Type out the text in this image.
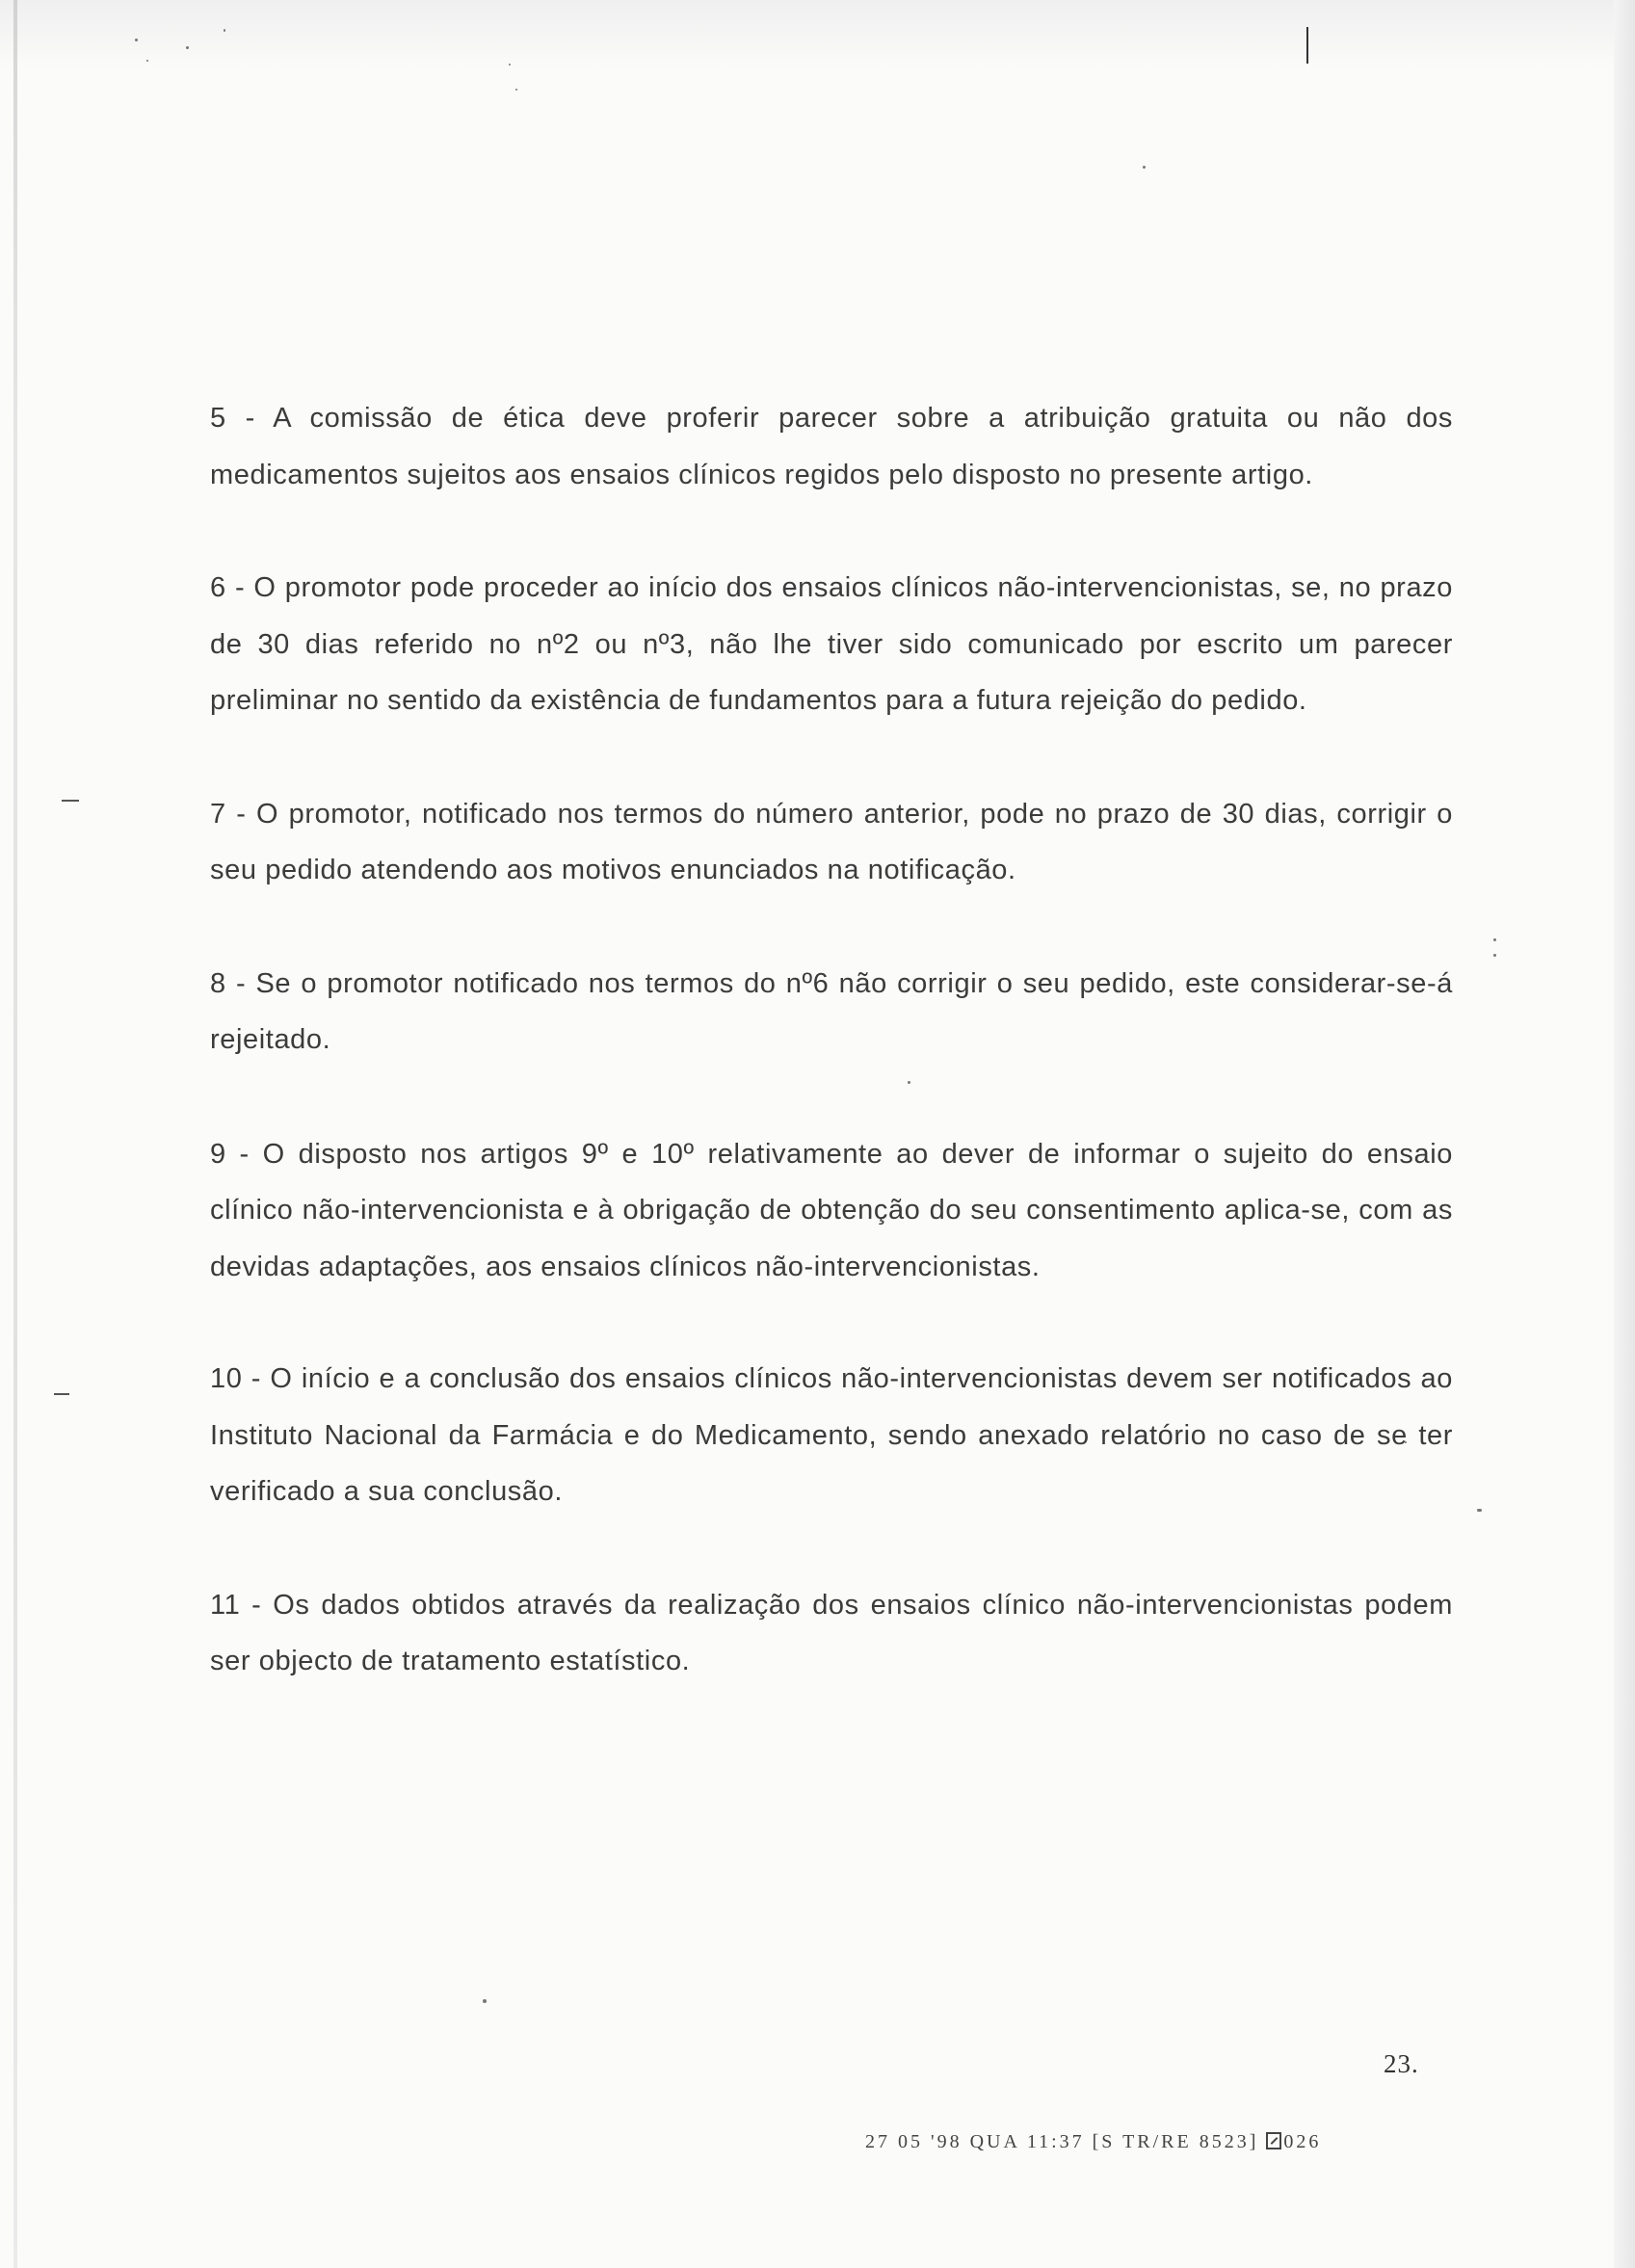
5 - A comissão de ética deve proferir parecer sobre a atribuição gratuita ou não dos medicamentos sujeitos aos ensaios clínicos regidos pelo disposto no presente artigo.

6 - O promotor pode proceder ao início dos ensaios clínicos não-intervencionistas, se, no prazo de 30 dias referido no nº2 ou nº3, não lhe tiver sido comunicado por escrito um parecer preliminar no sentido da existência de fundamentos para a futura rejeição do pedido.

7 - O promotor, notificado nos termos do número anterior, pode no prazo de 30 dias, corrigir o seu pedido atendendo aos motivos enunciados na notificação.

8 - Se o promotor notificado nos termos do nº6 não corrigir o seu pedido, este considerar-se-á rejeitado.

9 - O disposto nos artigos 9º e 10º relativamente ao dever de informar o sujeito do ensaio clínico não-intervencionista e à obrigação de obtenção do seu consentimento aplica-se, com as devidas adaptações, aos ensaios clínicos não-intervencionistas.

10 - O início e a conclusão dos ensaios clínicos não-intervencionistas devem ser notificados ao Instituto Nacional da Farmácia e do Medicamento, sendo anexado relatório no caso de se ter verificado a sua conclusão.

11 - Os dados obtidos através da realização dos ensaios clínico não-intervencionistas podem ser objecto de tratamento estatístico.

23.
27 05 '98 QUA 11:37 [S TR/RE 8523] 026
